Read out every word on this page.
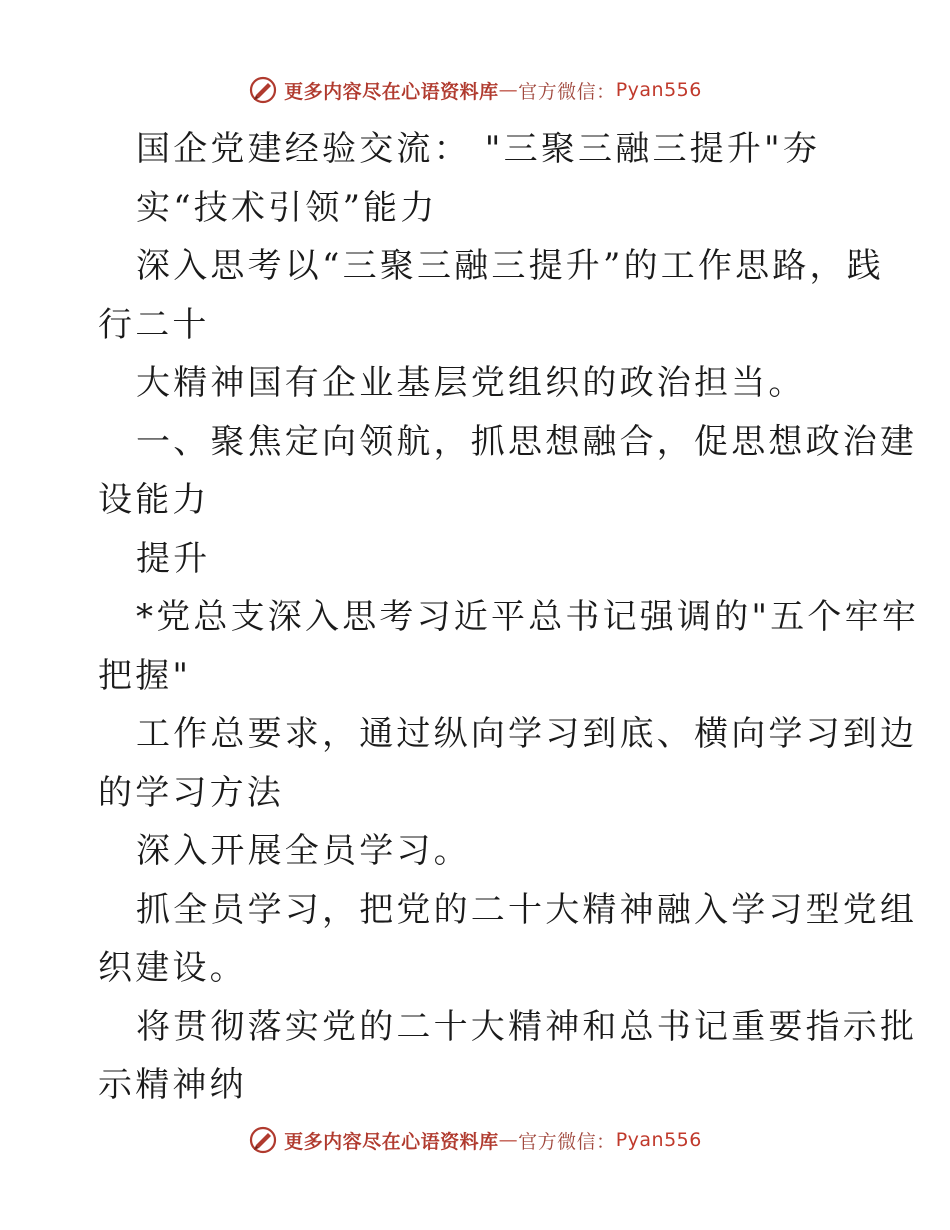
更多内容尽在心语资料库 — 官方微信： Pyan556
国企党建经验交流： "三聚三融三提升"夯
实“技术引领”能力
深入思考以“三聚三融三提升”的工作思路，践
行二十
大精神国有企业基层党组织的政治担当。
一、聚焦定向领航，抓思想融合，促思想政治建
设能力
提升
*党总支深入思考习近平总书记强调的"五个牢牢
把握"
工作总要求，通过纵向学习到底、横向学习到边
的学习方法
深入开展全员学习。
抓全员学习，把党的二十大精神融入学习型党组
织建设。
将贯彻落实党的二十大精神和总书记重要指示批
示精神纳
更多内容尽在心语资料库 — 官方微信： Pyan556
